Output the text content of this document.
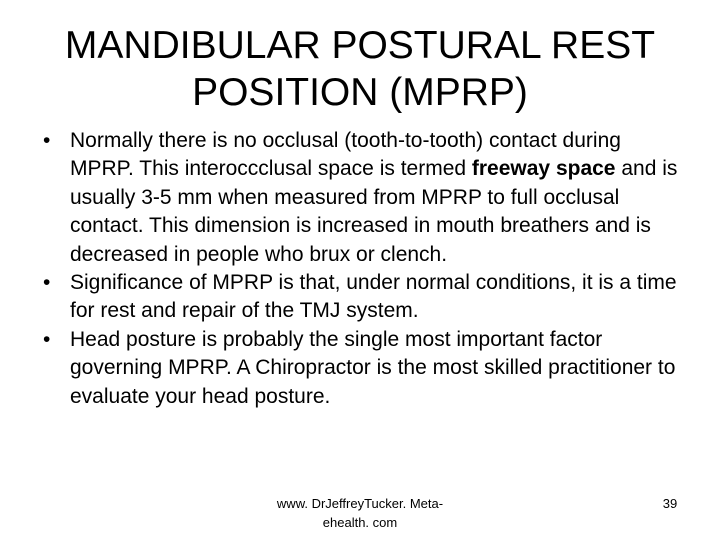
MANDIBULAR POSTURAL REST
POSITION (MPRP)
• Normally there is no occlusal (tooth-to-tooth) contact during MPRP. This interoccclusal space is termed freeway space and is usually 3-5 mm when measured from MPRP to full occlusal contact. This dimension is increased in mouth breathers and is decreased in people who brux or clench.
• Significance of MPRP is that, under normal conditions, it is a time for rest and repair of the TMJ system.
• Head posture is probably the single most important factor governing MPRP. A Chiropractor is the most skilled practitioner to evaluate your head posture.
www. DrJeffreyTucker. Meta-
ehealth. com
39
